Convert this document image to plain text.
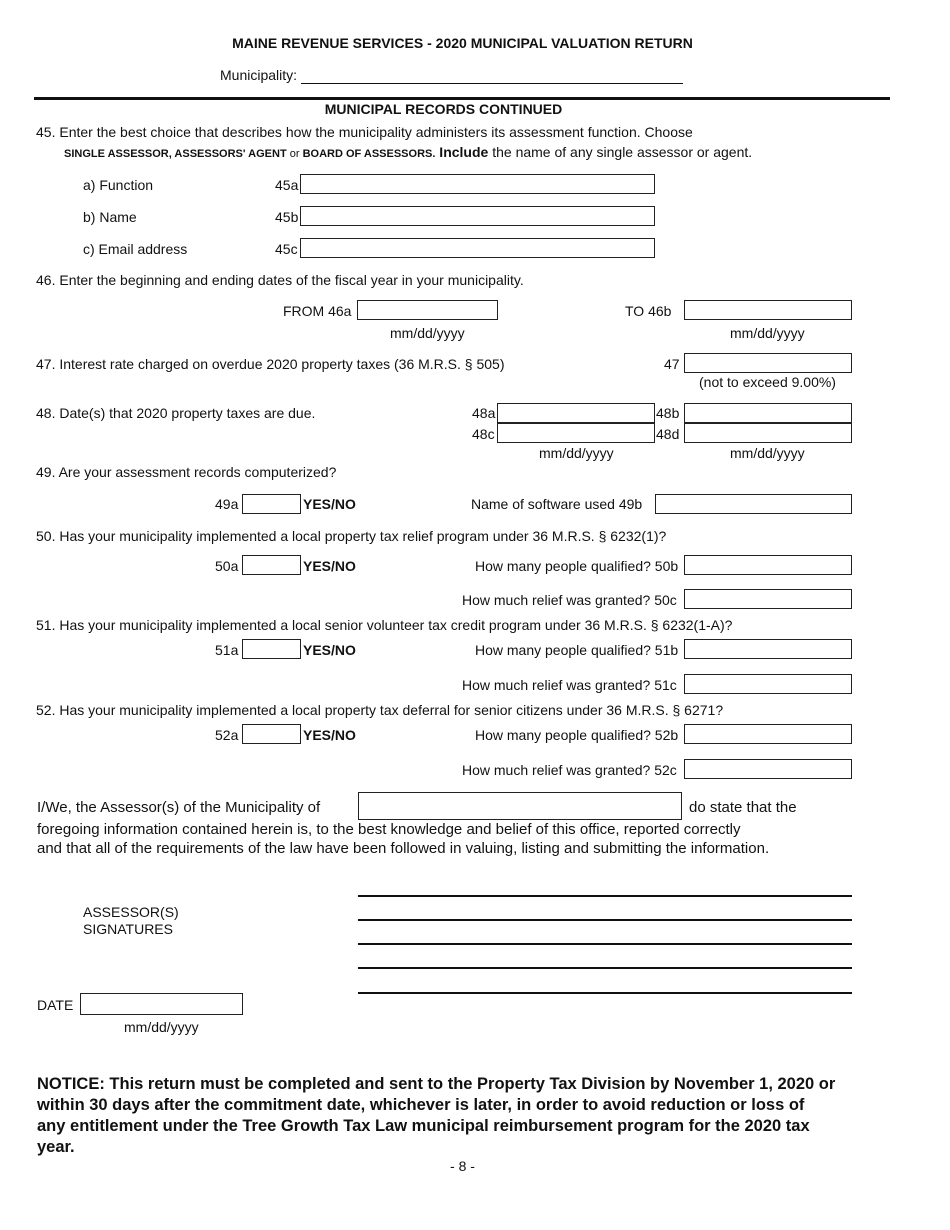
MAINE REVENUE SERVICES - 2020 MUNICIPAL VALUATION RETURN
Municipality:
MUNICIPAL RECORDS CONTINUED
45. Enter the best choice that describes how the municipality administers its assessment function. Choose
SINGLE ASSESSOR, ASSESSORS' AGENT or BOARD OF ASSESSORS. Include the name of any single assessor or agent.
a) Function	45a
b) Name	45b
c) Email address	45c
46. Enter the beginning and ending dates of the fiscal year in your municipality.
FROM 46a
mm/dd/yyyy
TO 46b
mm/dd/yyyy
47. Interest rate charged on overdue 2020 property taxes (36 M.R.S. § 505)	47
(not to exceed 9.00%)
48. Date(s) that 2020 property taxes are due.	48a	48b
48c	48d
mm/dd/yyyy	mm/dd/yyyy
49. Are your assessment records computerized?
49a	YES/NO	Name of software used 49b
50. Has your municipality implemented a local property tax relief program under 36 M.R.S. § 6232(1)?
50a	YES/NO	How many people qualified? 50b
How much relief was granted? 50c
51. Has your municipality implemented a local senior volunteer tax credit program under 36 M.R.S. § 6232(1-A)?
51a	YES/NO	How many people qualified? 51b
How much relief was granted? 51c
52. Has your municipality implemented a local property tax deferral for senior citizens under 36 M.R.S. § 6271?
52a	YES/NO	How many people qualified? 52b
How much relief was granted? 52c
I/We, the Assessor(s) of the Municipality of	do state that the
foregoing information contained herein is, to the best knowledge and belief of this office, reported correctly
and that all of the requirements of the law have been followed in valuing, listing and submitting the information.
ASSESSOR(S)
SIGNATURES
DATE
mm/dd/yyyy
NOTICE: This return must be completed and sent to the Property Tax Division by November 1, 2020 or
within 30 days after the commitment date, whichever is later, in order to avoid reduction or loss of
any entitlement under the Tree Growth Tax Law municipal reimbursement program for the 2020 tax
year.
- 8 -
